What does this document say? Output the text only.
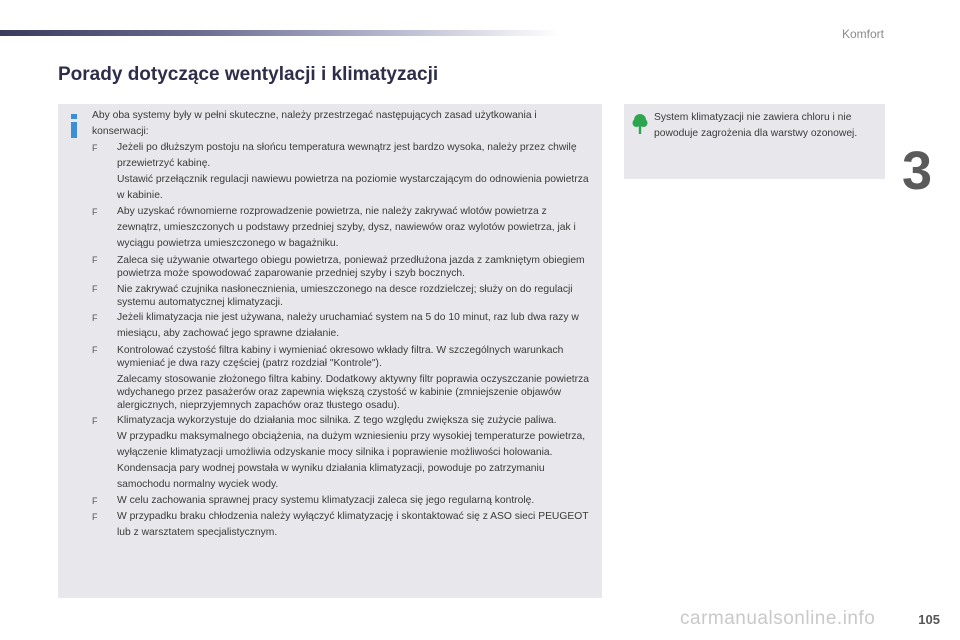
Komfort
Porady dotyczące wentylacji i klimatyzacji
3

Aby oba systemy były w pełni skuteczne, należy przestrzegać następujących zasad użytkowania i konserwacji:

F Jeżeli po dłuższym postoju na słońcu temperatura wewnątrz jest bardzo wysoka, należy przez chwilę przewietrzyć kabinę.

Ustawić przełącznik regulacji nawiewu powietrza na poziomie wystarczającym do odnowienia powietrza w kabinie.

F Aby uzyskać równomierne rozprowadzenie powietrza, nie należy zakrywać wlotów powietrza z zewnątrz, umieszczonych u podstawy przedniej szyby, dysz, nawiewów oraz wylotów powietrza, jak i wyciągu powietrza umieszczonego w bagażniku.

F Zaleca się używanie otwartego obiegu powietrza, ponieważ przedłużona jazda z zamkniętym obiegiem powietrza może spowodować zaparowanie przedniej szyby i szyb bocznych.

F Nie zakrywać czujnika nasłonecznienia, umieszczonego na desce rozdzielczej; służy on do regulacji systemu automatycznej klimatyzacji.

F Jeżeli klimatyzacja nie jest używana, należy uruchamiać system na 5 do 10 minut, raz lub dwa razy w miesiącu, aby zachować jego sprawne działanie.

F Kontrolować czystość filtra kabiny i wymieniać okresowo wkłady filtra. W szczególnych warunkach wymieniać je dwa razy częściej (patrz rozdział "Kontrole").

Zalecamy stosowanie złożonego filtra kabiny. Dodatkowy aktywny filtr poprawia oczyszczanie powietrza wdychanego przez pasażerów oraz zapewnia większą czystość w kabinie (zmniejszenie objawów alergicznych, nieprzyjemnych zapachów oraz tłustego osadu).

F Klimatyzacja wykorzystuje do działania moc silnika. Z tego względu zwiększa się zużycie paliwa.

W przypadku maksymalnego obciążenia, na dużym wzniesieniu przy wysokiej temperaturze powietrza, wyłączenie klimatyzacji umożliwia odzyskanie mocy silnika i poprawienie możliwości holowania.

Kondensacja pary wodnej powstała w wyniku działania klimatyzacji, powoduje po zatrzymaniu samochodu normalny wyciek wody.

F W celu zachowania sprawnej pracy systemu klimatyzacji zaleca się jego regularną kontrolę.

F W przypadku braku chłodzenia należy wyłączyć klimatyzację i skontaktować się z ASO sieci PEUGEOT lub z warsztatem specjalistycznym.

System klimatyzacji nie zawiera chloru i nie powoduje zagrożenia dla warstwy ozonowej.
carmanualsonline.info	105
